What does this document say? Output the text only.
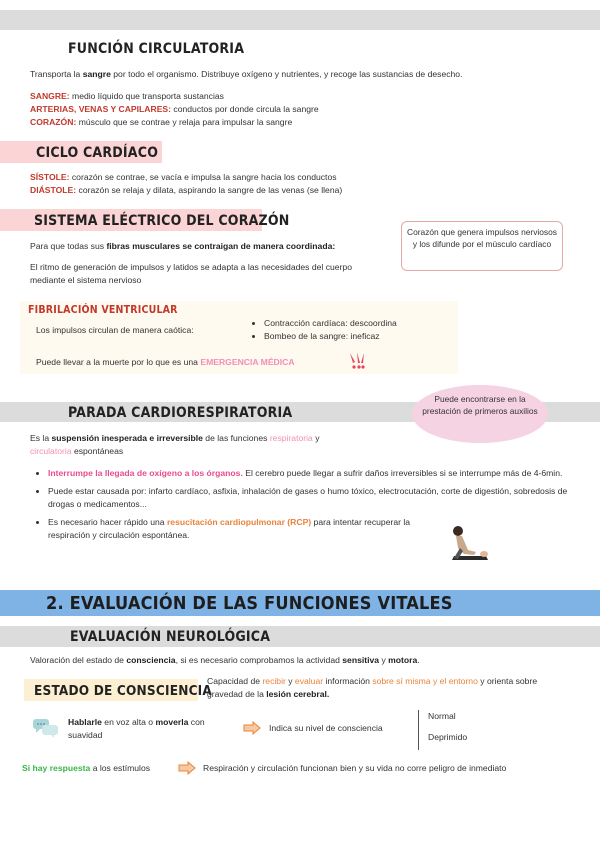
FUNCIÓN CIRCULATORIA
Transporta la sangre por todo el organismo. Distribuye oxígeno y nutrientes, y recoge las sustancias de desecho.
SANGRE: medio líquido que transporta sustancias
ARTERIAS, VENAS Y CAPILARES: conductos por donde circula la sangre
CORAZÓN: músculo que se contrae y relaja para impulsar la sangre
CICLO CARDÍACO
SÍSTOLE: corazón se contrae, se vacía e impulsa la sangre hacia los conductos
DIÁSTOLE: corazón se relaja y dilata, aspirando la sangre de las venas (se llena)
SISTEMA ELÉCTRICO DEL CORAZÓN
Para que todas sus fibras musculares se contraigan de manera coordinada:
El ritmo de generación de impulsos y latidos se adapta a las necesidades del cuerpo mediante el sistema nervioso
Corazón que genera impulsos nerviosos y los difunde por el músculo cardíaco
FIBRILACIÓN VENTRICULAR
Los impulsos circulan de manera caótica:
• Contracción cardíaca: descoordina
• Bombeo de la sangre: ineficaz
Puede llevar a la muerte por lo que es una EMERGENCIA MÉDICA
PARADA CARDIORESPIRATORIA
Puede encontrarse en la prestación de primeros auxilios
Es la suspensión inesperada e irreversible de las funciones respiratoria y
circulatoria espontáneas
• Interrumpe la llegada de oxígeno a los órganos. El cerebro puede llegar a sufrir daños irreversibles si se interrumpe más de 4-6min.
• Puede estar causada por: infarto cardíaco, asfixia, inhalación de gases o humo tóxico, electrocutación, corte de digestión, sobredosis de drogas o medicamentos...
• Es necesario hacer rápido una resucitación cardiopulmonar (RCP) para intentar recuperar la respiración y circulación espontánea.
2. EVALUACIÓN DE LAS FUNCIONES VITALES
EVALUACIÓN NEUROLÓGICA
Valoración del estado de consciencia, si es necesario comprobamos la actividad sensitiva y motora.
ESTADO DE CONSCIENCIA
Capacidad de recibir y evaluar información sobre sí misma y el entorno y orienta sobre gravedad de la lesión cerebral.
Hablarle en voz alta o moverla con suavidad
Indica su nivel de consciencia
Normal
Deprimido
Si hay respuesta a los estímulos	Respiración y circulación funcionan bien y su vida no corre peligro de inmediato
